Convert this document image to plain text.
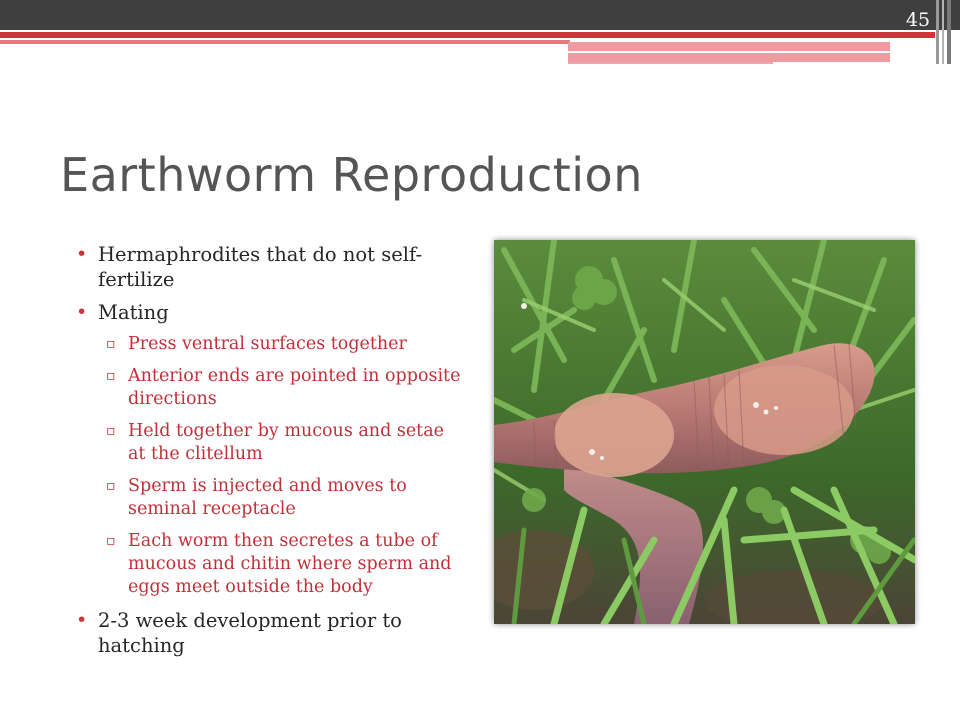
45
Earthworm Reproduction
• Hermaphrodites that do not self-fertilize
• Mating
▫ Press ventral surfaces together
▫ Anterior ends are pointed in opposite directions
▫ Held together by mucous and setae at the clitellum
▫ Sperm is injected and moves to seminal receptacle
▫ Each worm then secretes a tube of mucous and chitin where sperm and eggs meet outside the body
• 2-3 week development prior to hatching
